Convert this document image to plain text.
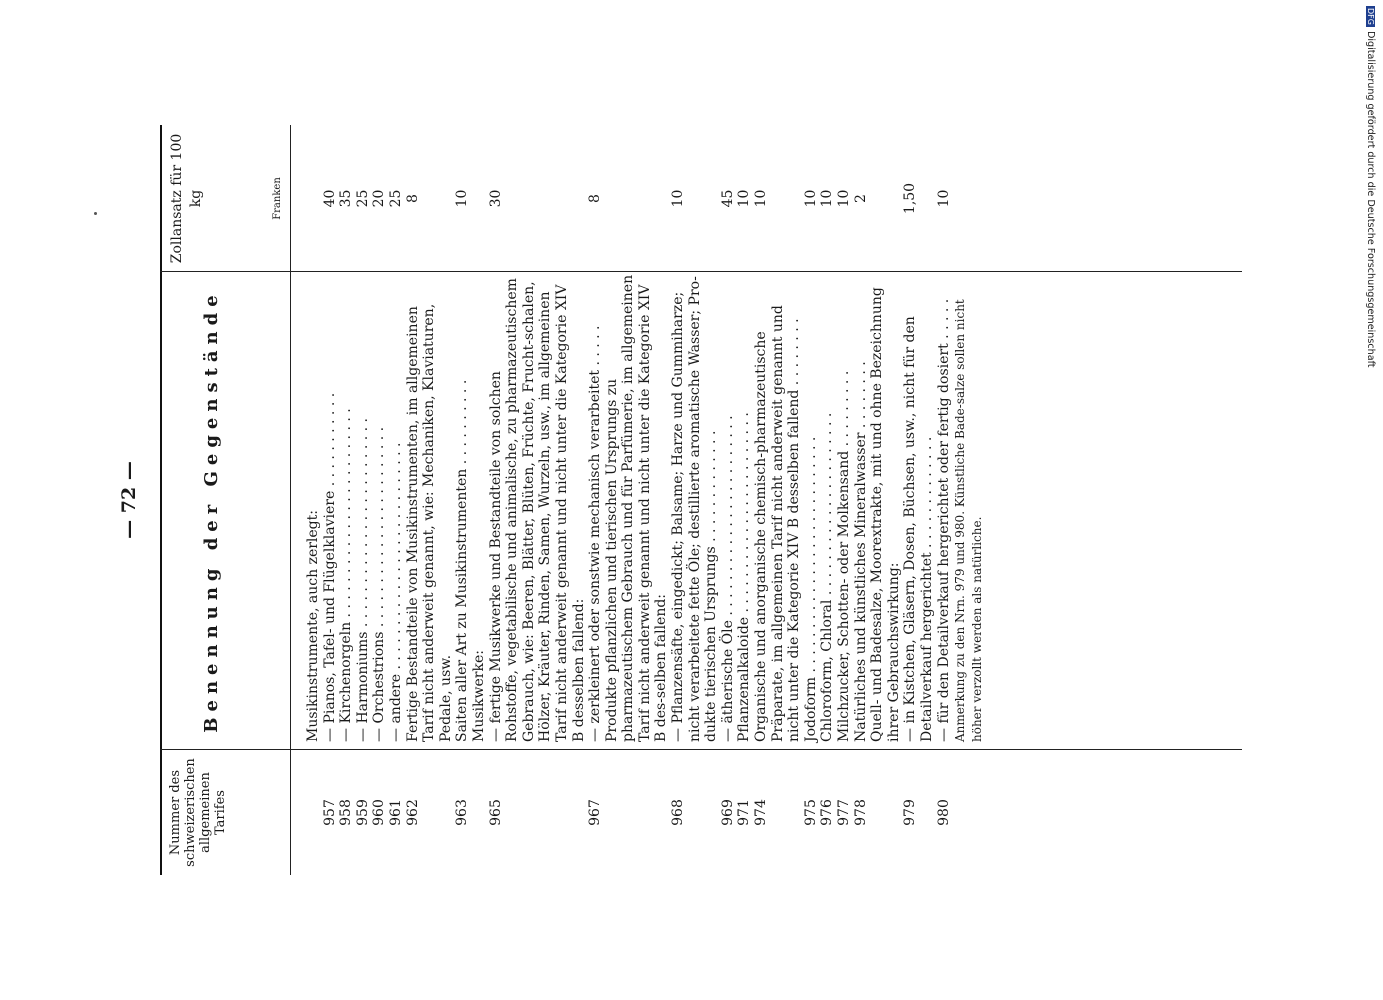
— 72 —
Nummer des schweizerischen allgemeinen Tarifes
Benennung der Gegenstände
Zollansatz für 100 kg	Franken
Musikinstrumente, auch zerlegt:
957
— Pianos, Tafel- und Flügelklaviere . . . . . . . . . . .
40
958
— Kirchenorgeln . . . . . . . . . . . . . . . . . . . . . . . .
35
959
— Harmoniums . . . . . . . . . . . . . . . . . . . . . . . .
25
960
— Orchestrions . . . . . . . . . . . . . . . . . . . . . . .
20
961
— andere . . . . . . . . . . . . . . . . . . . . . . . . . .
25
962
Fertige Bestandteile von Musikinstrumenten, im allgemeinen Tarif nicht anderweit genannt, wie: Mechaniken, Klaviaturen, Pedale, usw.
8
963
Saiten aller Art zu Musikinstrumenten . . . . . . . . . .
10
Musikwerke:
965
— fertige Musikwerke und Bestandteile von solchen
30
Rohstoffe, vegetabilische und animalische, zu pharmazeutischem Gebrauch, wie: Beeren, Blätter, Blüten, Früchte, Frucht-schalen, Hölzer, Kräuter, Rinden, Samen, Wurzeln, usw., im allgemeinen Tarif nicht anderweit genannt und nicht unter die Kategorie XIV B desselben fallend:
967
— zerkleinert oder sonstwie mechanisch verarbeitet . . . . .
8
Produkte pflanzlichen und tierischen Ursprungs zu pharmazeutischem Gebrauch und für Parfümerie, im allgemeinen Tarif nicht anderweit genannt und nicht unter die Kategorie XIV B des-selben fallend:
968
— Pflanzensäfte, eingedickt; Balsame; Harze und Gummiharze; nicht verarbeitete fette Öle; destillierte aromatische Wasser; Pro-dukte tierischen Ursprungs . . . . . . . . . . . . .
10
969
— ätherische Öle . . . . . . . . . . . . . . . . . . . . . . .
45
971
Pflanzenalkaloide . . . . . . . . . . . . . . . . . . . . . . .
10
974
Organische und anorganische chemisch-pharmazeutische Präparate, im allgemeinen Tarif nicht anderweit genannt und nicht unter die Kategorie XIV B desselben fallend . . . . . . . .
10
975
Jodoform . . . . . . . . . . . . . . . . . . . . . . . . . . .
10
976
Chloroform, Chloral . . . . . . . . . . . . . . . . . . . . .
10
977
Milchzucker, Schotten- oder Molkensand . . . . . . . . .
10
978
Natürliches und künstliches Mineralwasser . . . . . . . .
2
Quell- und Badesalze, Moorextrakte, mit und ohne Bezeichnung ihrer Gebrauchswirkung:
979
— in Kistchen, Gläsern, Dosen, Büchsen, usw., nicht für den Detailverkauf hergerichtet . . . . . . . . . . . . .
1,50
980
— für den Detailverkauf hergerichtet oder fertig dosiert . . . . .
10
Anmerkung zu den Nrn. 979 und 980. Künstliche Bade-salze sollen nicht höher verzollt werden als natürliche.
DFGDigitalisierung gefördert durch die Deutsche Forschungsgemeinschaft
